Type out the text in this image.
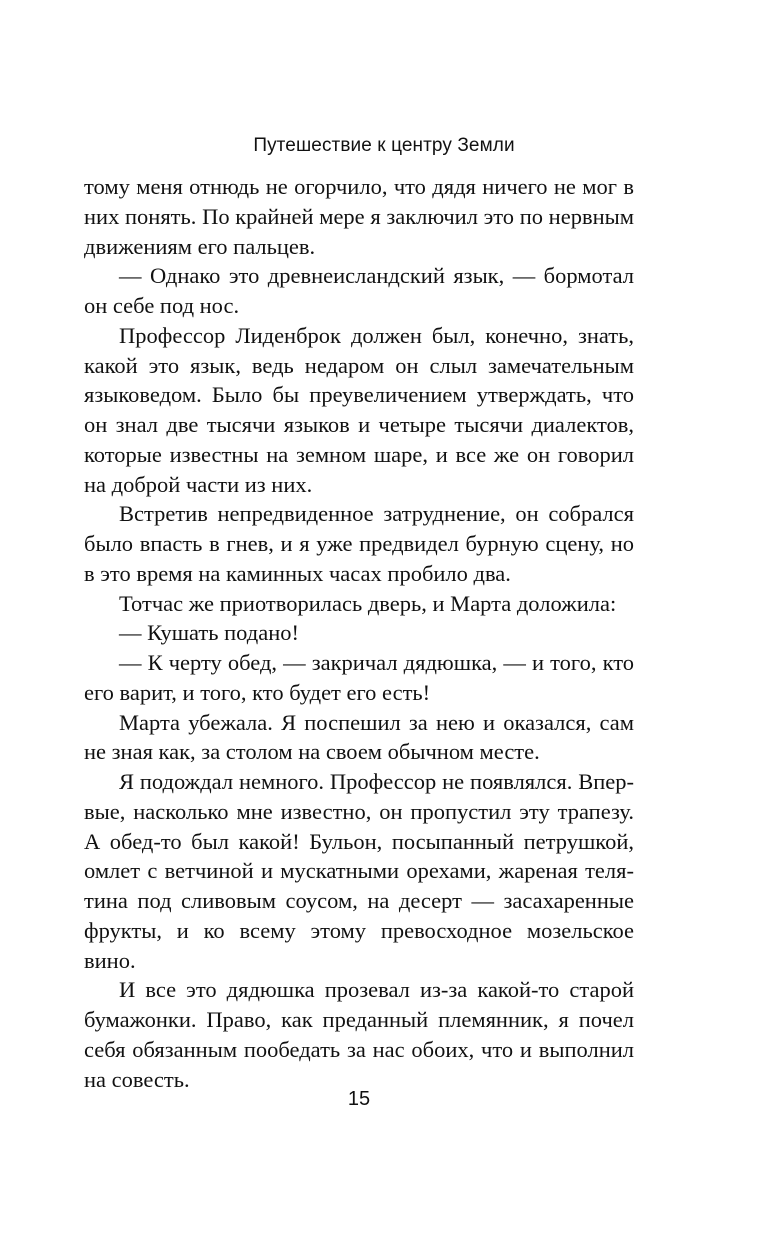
Путешествие к центру Земли

тому меня отнюдь не огорчило, что дядя ничего не мог в них понять. По крайней мере я заключил это по нервным движениям его пальцев.

— Однако это древнеисландский язык, — бормотал он себе под нос.

Профессор Лиденброк должен был, конечно, знать, какой это язык, ведь недаром он слыл замечательным языковедом. Было бы преувеличением утверждать, что он знал две тысячи языков и четыре тысячи диалектов, которые известны на земном шаре, и все же он говорил на доброй части из них.

Встретив непредвиденное затруднение, он собрался было впасть в гнев, и я уже предвидел бурную сцену, но в это время на каминных часах пробило два.

Тотчас же приотворилась дверь, и Марта доложила:

— Кушать подано!

— К черту обед, — закричал дядюшка, — и того, кто его варит, и того, кто будет его есть!

Марта убежала. Я поспешил за нею и оказался, сам не зная как, за столом на своем обычном месте.

Я подождал немного. Профессор не появлялся. Впервые, насколько мне известно, он пропустил эту трапезу. А обед-то был какой! Бульон, посыпанный петрушкой, омлет с ветчиной и мускатными орехами, жареная телятина под сливовым соусом, на десерт — засахаренные фрукты, и ко всему этому превосходное мозельское вино.

И все это дядюшка прозевал из-за какой-то старой бумажонки. Право, как преданный племянник, я почел себя обязанным пообедать за нас обоих, что и выполнил на совесть.

15
